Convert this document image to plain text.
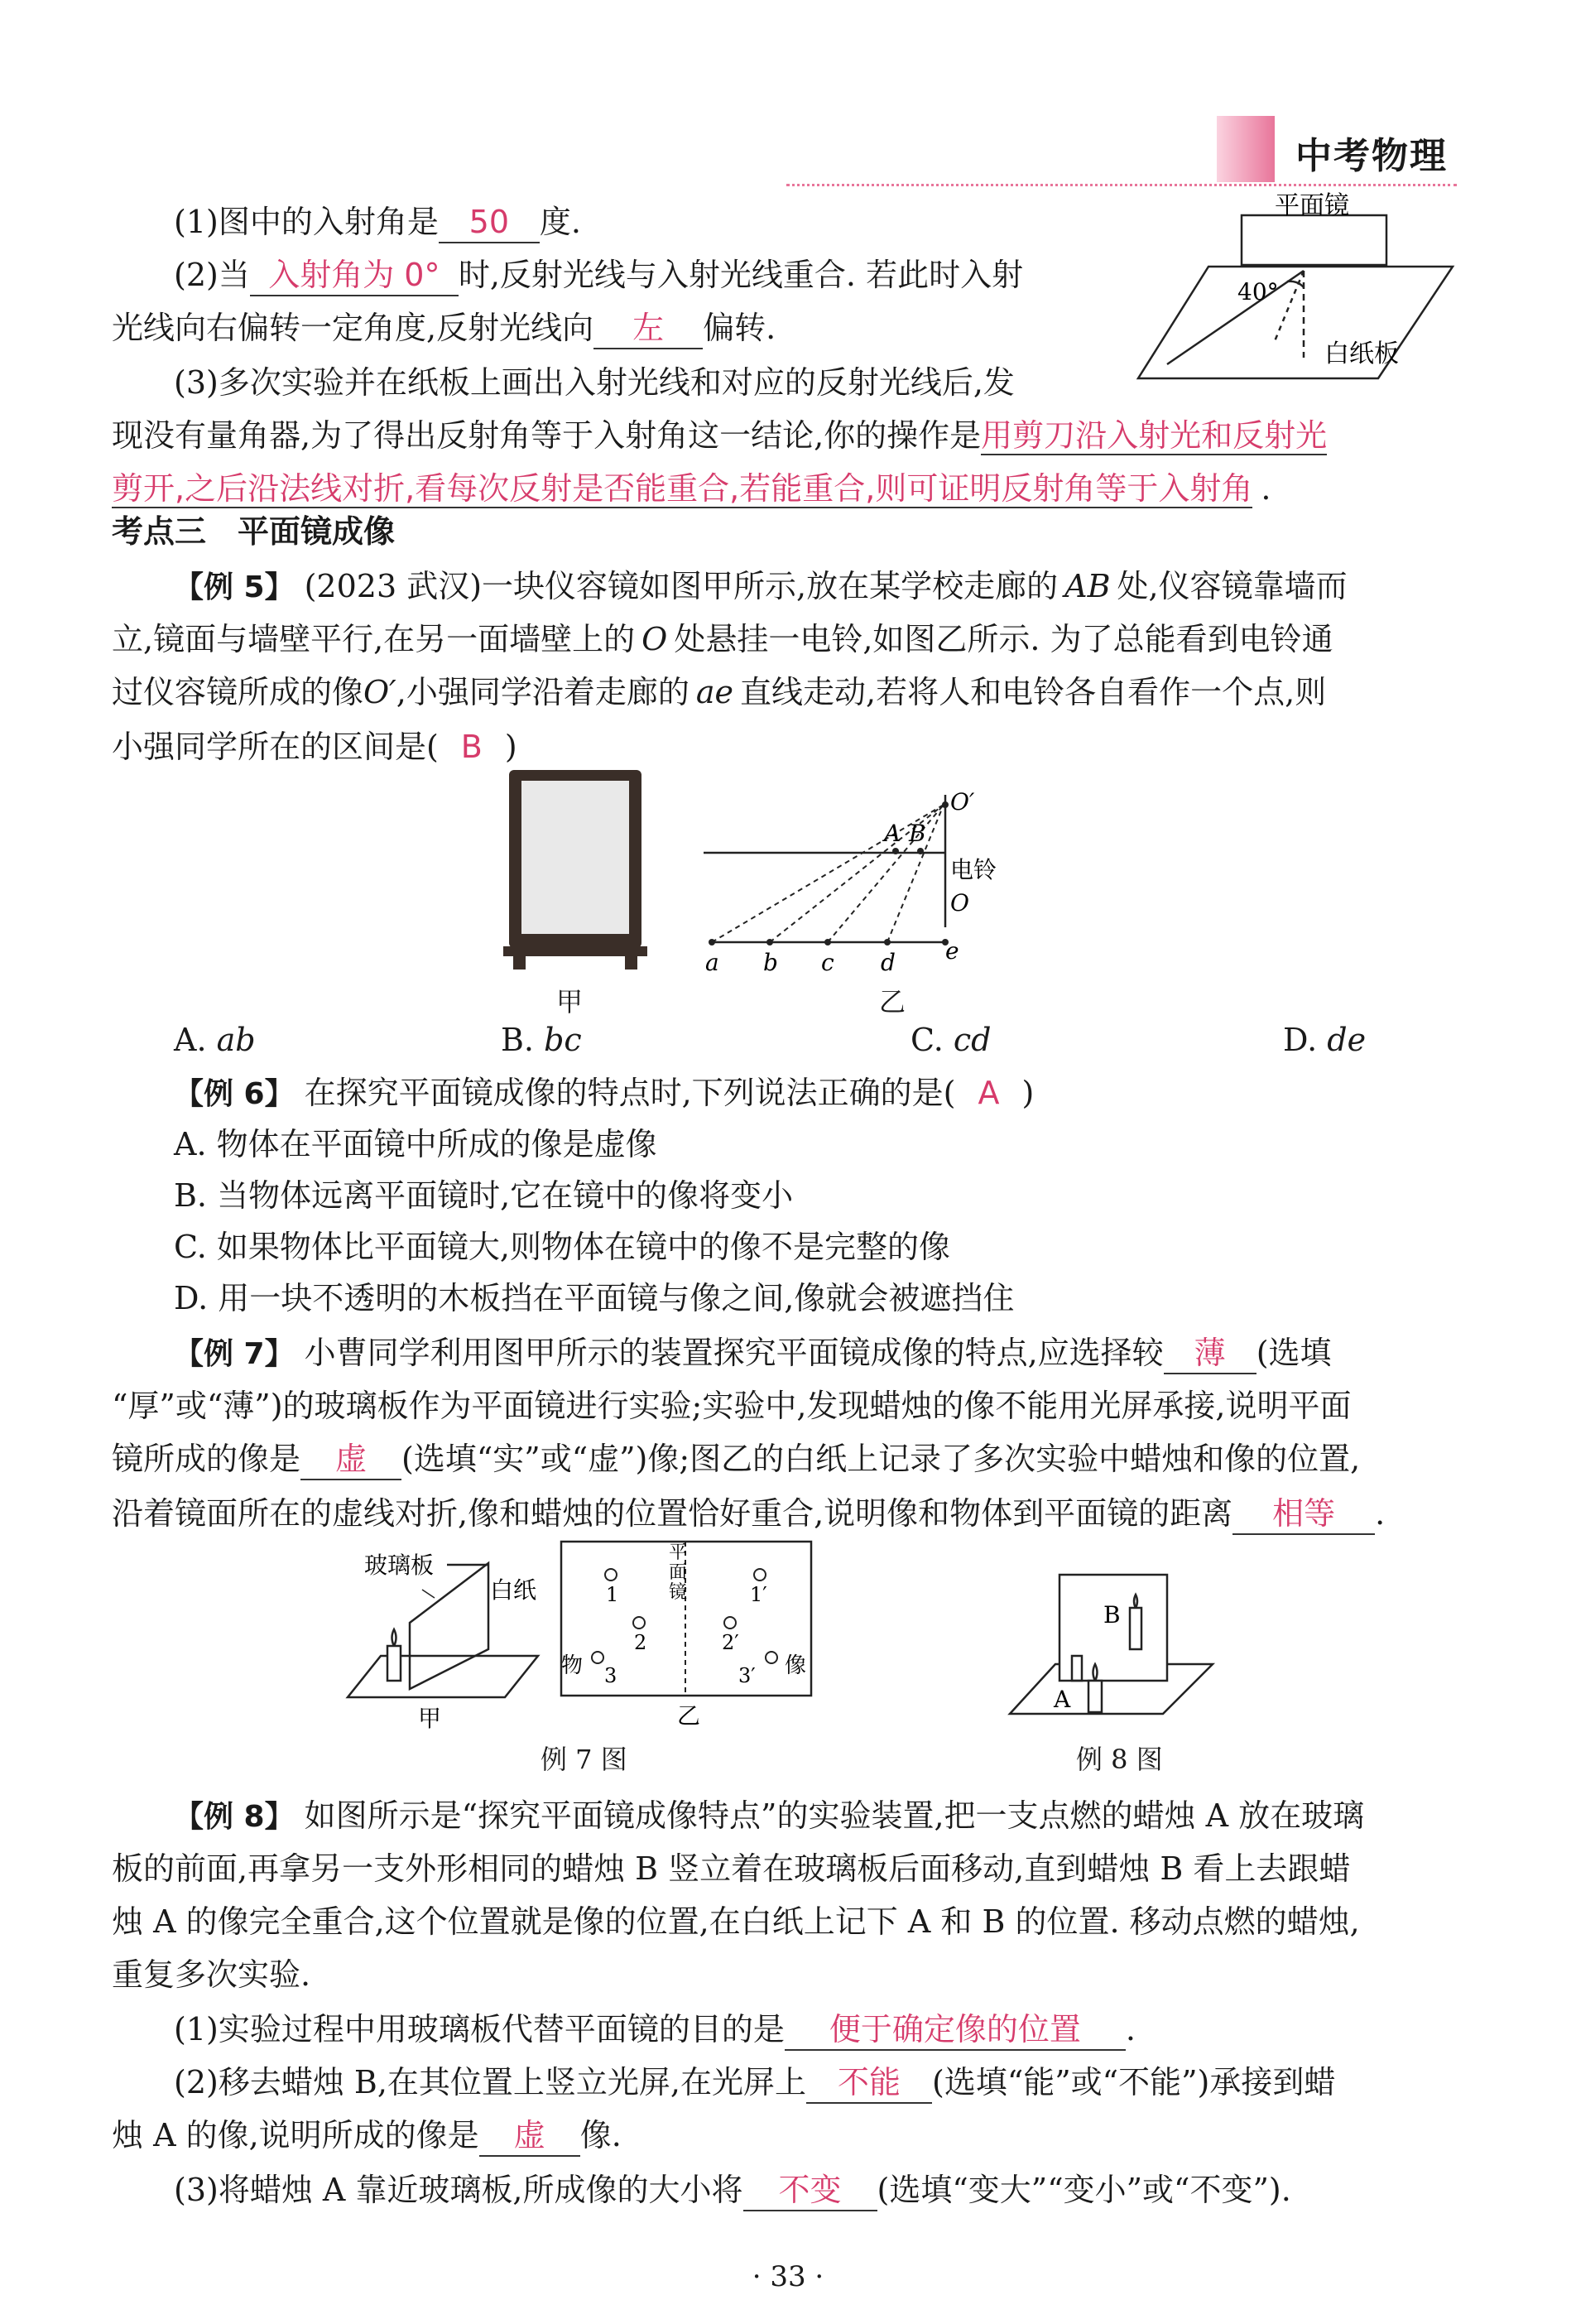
中考物理
(1)图中的入射角是 50 度.
(2)当 入射角为 0° 时,反射光线与入射光线重合. 若此时入射
光线向右偏转一定角度,反射光线向 左 偏转.
(3)多次实验并在纸板上画出入射光线和对应的反射光线后,发
现没有量角器,为了得出反射角等于入射角这一结论,你的操作是用剪刀沿入射光和反射光
剪开,之后沿法线对折,看每次反射是否能重合,若能重合,则可证明反射角等于入射角 .
平面镜
40°
白纸板
考点三　平面镜成像
【例 5】 (2023 武汉)一块仪容镜如图甲所示,放在某学校走廊的 AB 处,仪容镜靠墙而
立,镜面与墙壁平行,在另一面墙壁上的 O 处悬挂一电铃,如图乙所示. 为了总能看到电铃通
过仪容镜所成的像O′,小强同学沿着走廊的 ae 直线走动,若将人和电铃各自看作一个点,则
小强同学所在的区间是( B )
甲
A B
O′
电铃
O
a b c d e
乙
A. ab	B. bc	C. cd	D. de
【例 6】 在探究平面镜成像的特点时,下列说法正确的是( A )
A. 物体在平面镜中所成的像是虚像
B. 当物体远离平面镜时,它在镜中的像将变小
C. 如果物体比平面镜大,则物体在镜中的像不是完整的像
D. 用一块不透明的木板挡在平面镜与像之间,像就会被遮挡住
【例 7】 小曹同学利用图甲所示的装置探究平面镜成像的特点,应选择较 薄 (选填
“厚”或“薄”)的玻璃板作为平面镜进行实验;实验中,发现蜡烛的像不能用光屏承接,说明平面
镜所成的像是 虚 (选填“实”或“虚”)像;图乙的白纸上记录了多次实验中蜡烛和像的位置,
沿着镜面所在的虚线对折,像和蜡烛的位置恰好重合,说明像和物体到平面镜的距离 相等 .
玻璃板
白纸
甲
平
面
镜
1	1′
2	2′
物 3	3′ 像
乙
例 7 图
B
A
例 8 图
【例 8】 如图所示是“探究平面镜成像特点”的实验装置,把一支点燃的蜡烛 A 放在玻璃
板的前面,再拿另一支外形相同的蜡烛 B 竖立着在玻璃板后面移动,直到蜡烛 B 看上去跟蜡
烛 A 的像完全重合,这个位置就是像的位置,在白纸上记下 A 和 B 的位置. 移动点燃的蜡烛,
重复多次实验.
(1)实验过程中用玻璃板代替平面镜的目的是 便于确定像的位置 .
(2)移去蜡烛 B,在其位置上竖立光屏,在光屏上 不能 (选填“能”或“不能”)承接到蜡
烛 A 的像,说明所成的像是 虚 像.
(3)将蜡烛 A 靠近玻璃板,所成像的大小将 不变 (选填“变大”“变小”或“不变”).
· 33 ·
